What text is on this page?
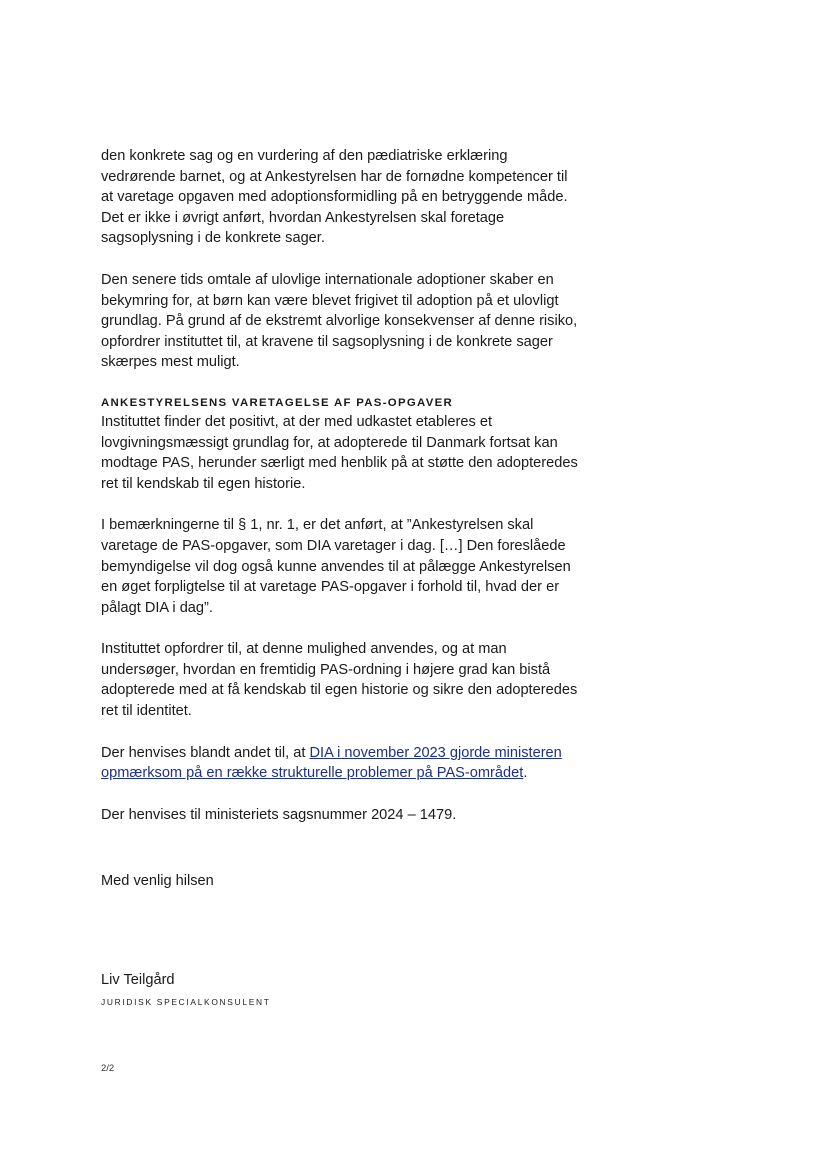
den konkrete sag og en vurdering af den pædiatriske erklæring vedrørende barnet, og at Ankestyrelsen har de fornødne kompetencer til at varetage opgaven med adoptionsformidling på en betryggende måde. Det er ikke i øvrigt anført, hvordan Ankestyrelsen skal foretage sagsoplysning i de konkrete sager.

Den senere tids omtale af ulovlige internationale adoptioner skaber en bekymring for, at børn kan være blevet frigivet til adoption på et ulovligt grundlag. På grund af de ekstremt alvorlige konsekvenser af denne risiko, opfordrer instituttet til, at kravene til sagsoplysning i de konkrete sager skærpes mest muligt.

ANKESTYRELSENS VARETAGELSE AF PAS-OPGAVER

Instituttet finder det positivt, at der med udkastet etableres et lovgivningsmæssigt grundlag for, at adopterede til Danmark fortsat kan modtage PAS, herunder særligt med henblik på at støtte den adopteredes ret til kendskab til egen historie.

I bemærkningerne til § 1, nr. 1, er det anført, at ”Ankestyrelsen skal varetage de PAS-opgaver, som DIA varetager i dag. […] Den foreslåede bemyndigelse vil dog også kunne anvendes til at pålægge Ankestyrelsen en øget forpligtelse til at varetage PAS-opgaver i forhold til, hvad der er pålagt DIA i dag”.

Instituttet opfordrer til, at denne mulighed anvendes, og at man undersøger, hvordan en fremtidig PAS-ordning i højere grad kan bistå adopterede med at få kendskab til egen historie og sikre den adopteredes ret til identitet.

Der henvises blandt andet til, at DIA i november 2023 gjorde ministeren opmærksom på en række strukturelle problemer på PAS-området.

Der henvises til ministeriets sagsnummer 2024 – 1479.

Med venlig hilsen
Liv Teilgård
JURIDISK SPECIALKONSULENT
2/2
